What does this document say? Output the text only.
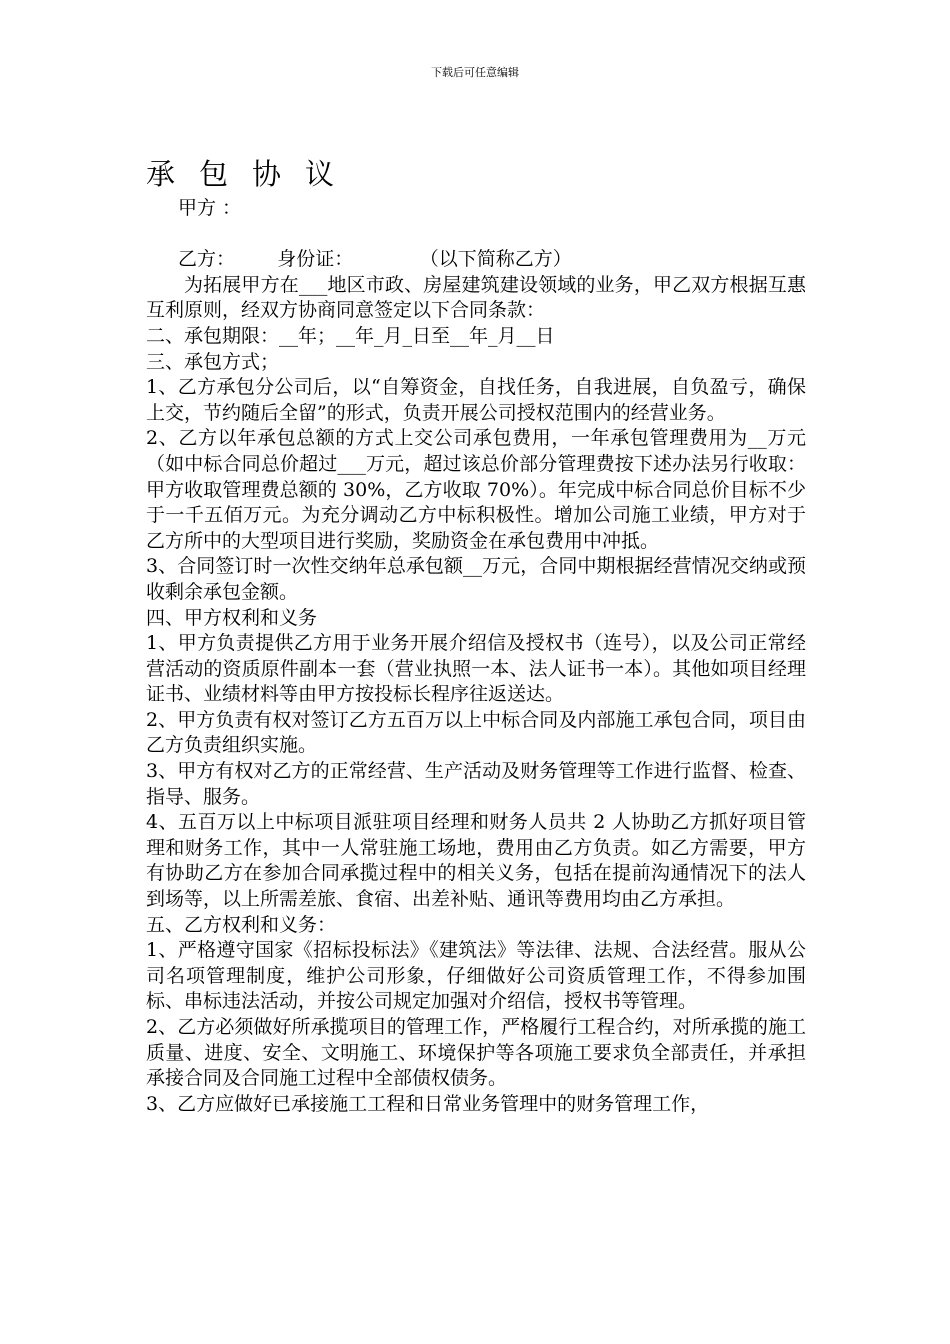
下载后可任意编辑
承包协议
甲方 ：
乙方：       身份证：           （以下简称乙方）

为拓展甲方在___地区市政、房屋建筑建设领域的业务，甲乙双方根据互惠互利原则，经双方协商同意签定以下合同条款：

二、承包期限：__年；__年_月_日至__年_月__日

三、承包方式；

1、乙方承包分公司后，以“自筹资金，自找任务，自我进展，自负盈亏，确保上交，节约随后全留”的形式，负责开展公司授权范围内的经营业务。

2、乙方以年承包总额的方式上交公司承包费用，一年承包管理费用为__万元（如中标合同总价超过___万元，超过该总价部分管理费按下述办法另行收取：甲方收取管理费总额的 30%，乙方收取 70%）。年完成中标合同总价目标不少于一千五佰万元。为充分调动乙方中标积极性。增加公司施工业绩，甲方对于乙方所中的大型项目进行奖励，奖励资金在承包费用中冲抵。

3、合同签订时一次性交纳年总承包额__万元，合同中期根据经营情况交纳或预收剩余承包金额。

四、甲方权利和义务

1、甲方负责提供乙方用于业务开展介绍信及授权书（连号），以及公司正常经营活动的资质原件副本一套（营业执照一本、法人证书一本）。其他如项目经理证书、业绩材料等由甲方按投标长程序往返送达。

2、甲方负责有权对签订乙方五百万以上中标合同及内部施工承包合同，项目由乙方负责组织实施。

3、甲方有权对乙方的正常经营、生产活动及财务管理等工作进行监督、检查、指导、服务。

4、五百万以上中标项目派驻项目经理和财务人员共 2 人协助乙方抓好项目管理和财务工作，其中一人常驻施工场地，费用由乙方负责。如乙方需要，甲方有协助乙方在参加合同承揽过程中的相关义务，包括在提前沟通情况下的法人到场等，以上所需差旅、食宿、出差补贴、通讯等费用均由乙方承担。

五、乙方权利和义务：

1、严格遵守国家《招标投标法》《建筑法》等法律、法规、合法经营。服从公司名项管理制度，维护公司形象，仔细做好公司资质管理工作，不得参加围标、串标违法活动，并按公司规定加强对介绍信，授权书等管理。

2、乙方必须做好所承揽项目的管理工作，严格履行工程合约，对所承揽的施工质量、进度、安全、文明施工、环境保护等各项施工要求负全部责任，并承担承接合同及合同施工过程中全部债权债务。

3、乙方应做好已承接施工工程和日常业务管理中的财务管理工作，
